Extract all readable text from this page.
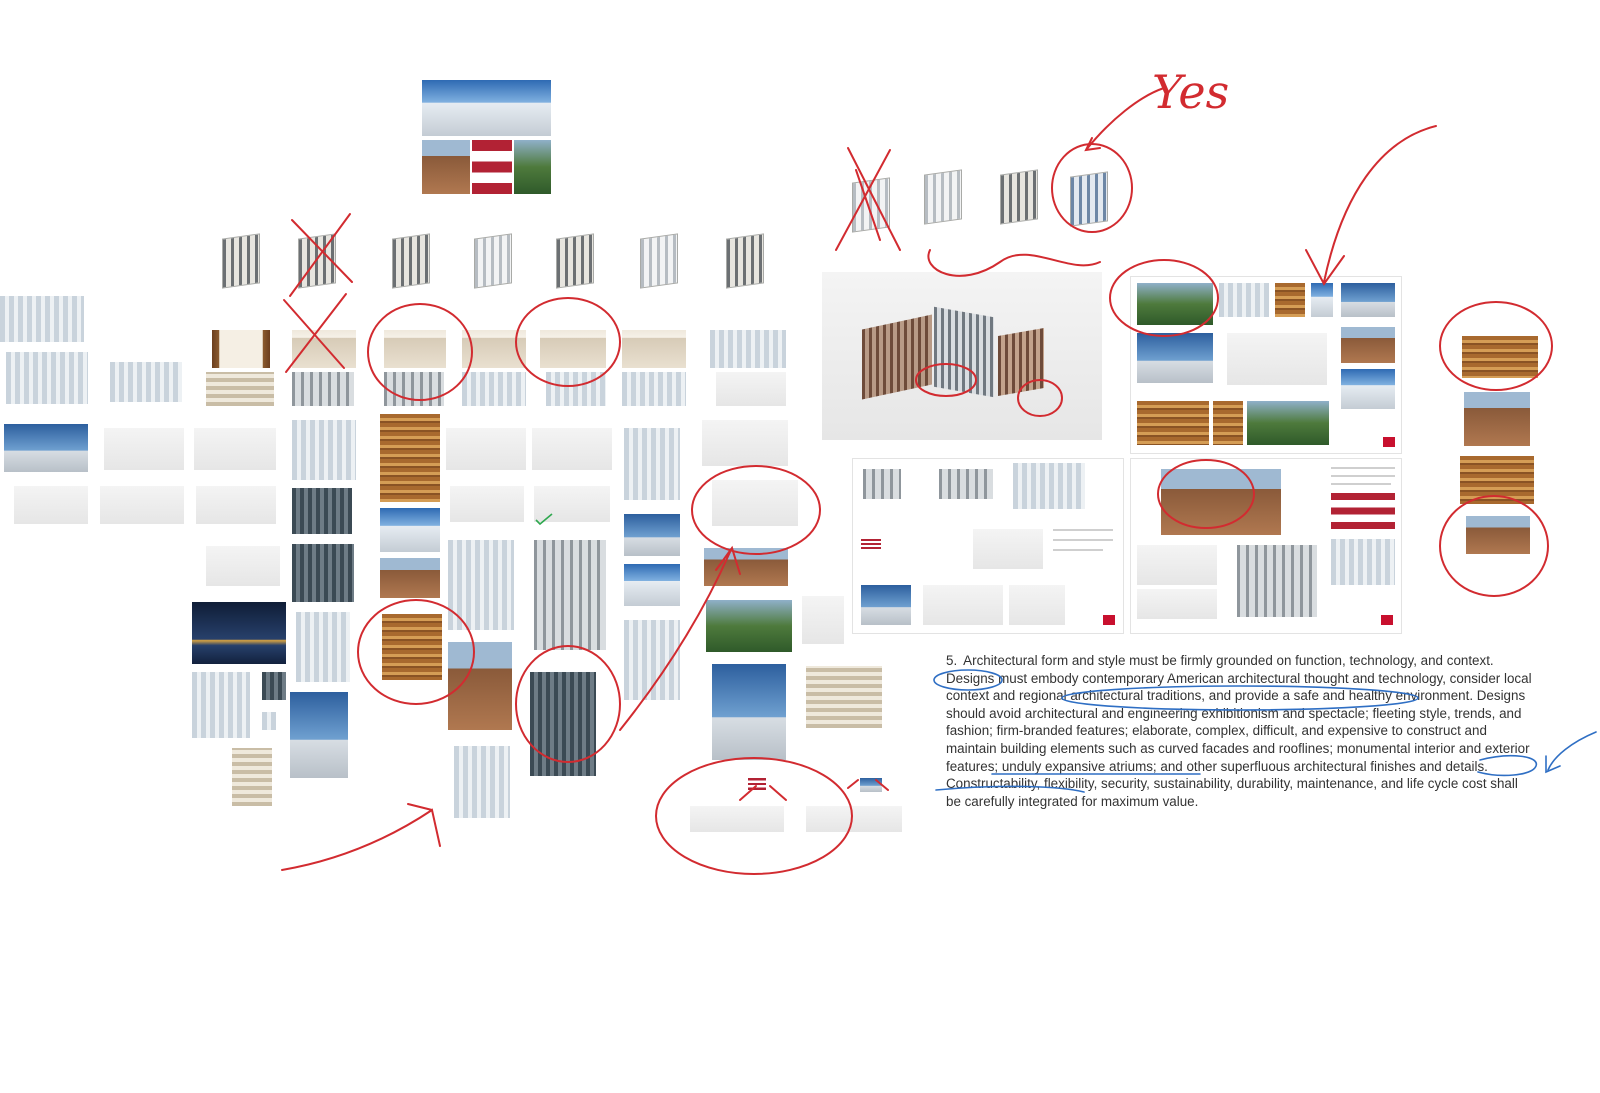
5. Architectural form and style must be firmly grounded on function, technology, and context. Designs must embody contemporary American architectural thought and technology, consider local context and regional architectural traditions, and provide a safe and healthy environment. Designs should avoid architectural and engineering exhibitionism and spectacle; fleeting style, trends, and fashion; firm-branded features; elaborate, complex, difficult, and expensive to construct and maintain building elements such as curved facades and rooflines; monumental interior and exterior features; unduly expansive atriums; and other superfluous architectural finishes and details. Constructability, flexibility, security, sustainability, durability, maintenance, and life cycle cost shall be carefully integrated for maximum value.

Yes
